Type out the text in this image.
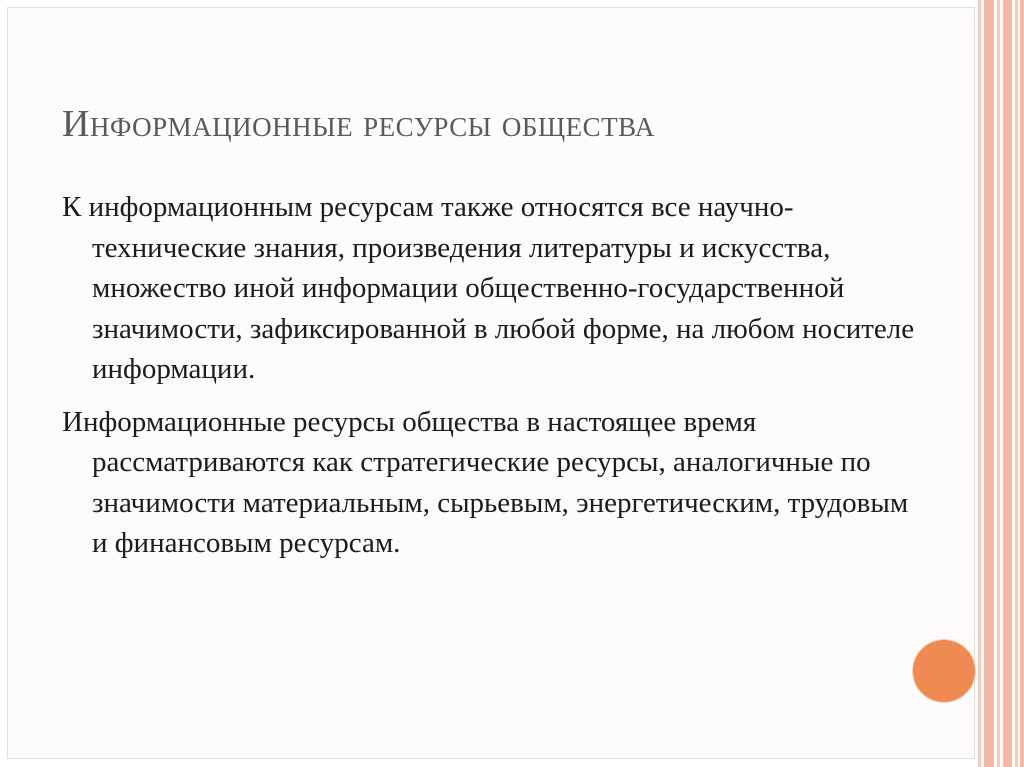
Информационные ресурсы общества

К информационным ресурсам также относятся все научно-технические знания, произведения литературы и искусства, множество иной информации общественно-государственной значимости, зафиксированной в любой форме, на любом носителе информации.

Информационные ресурсы общества в настоящее время рассматриваются как стратегические ресурсы, аналогичные по значимости материальным, сырьевым, энергетическим, трудовым и финансовым ресурсам.
